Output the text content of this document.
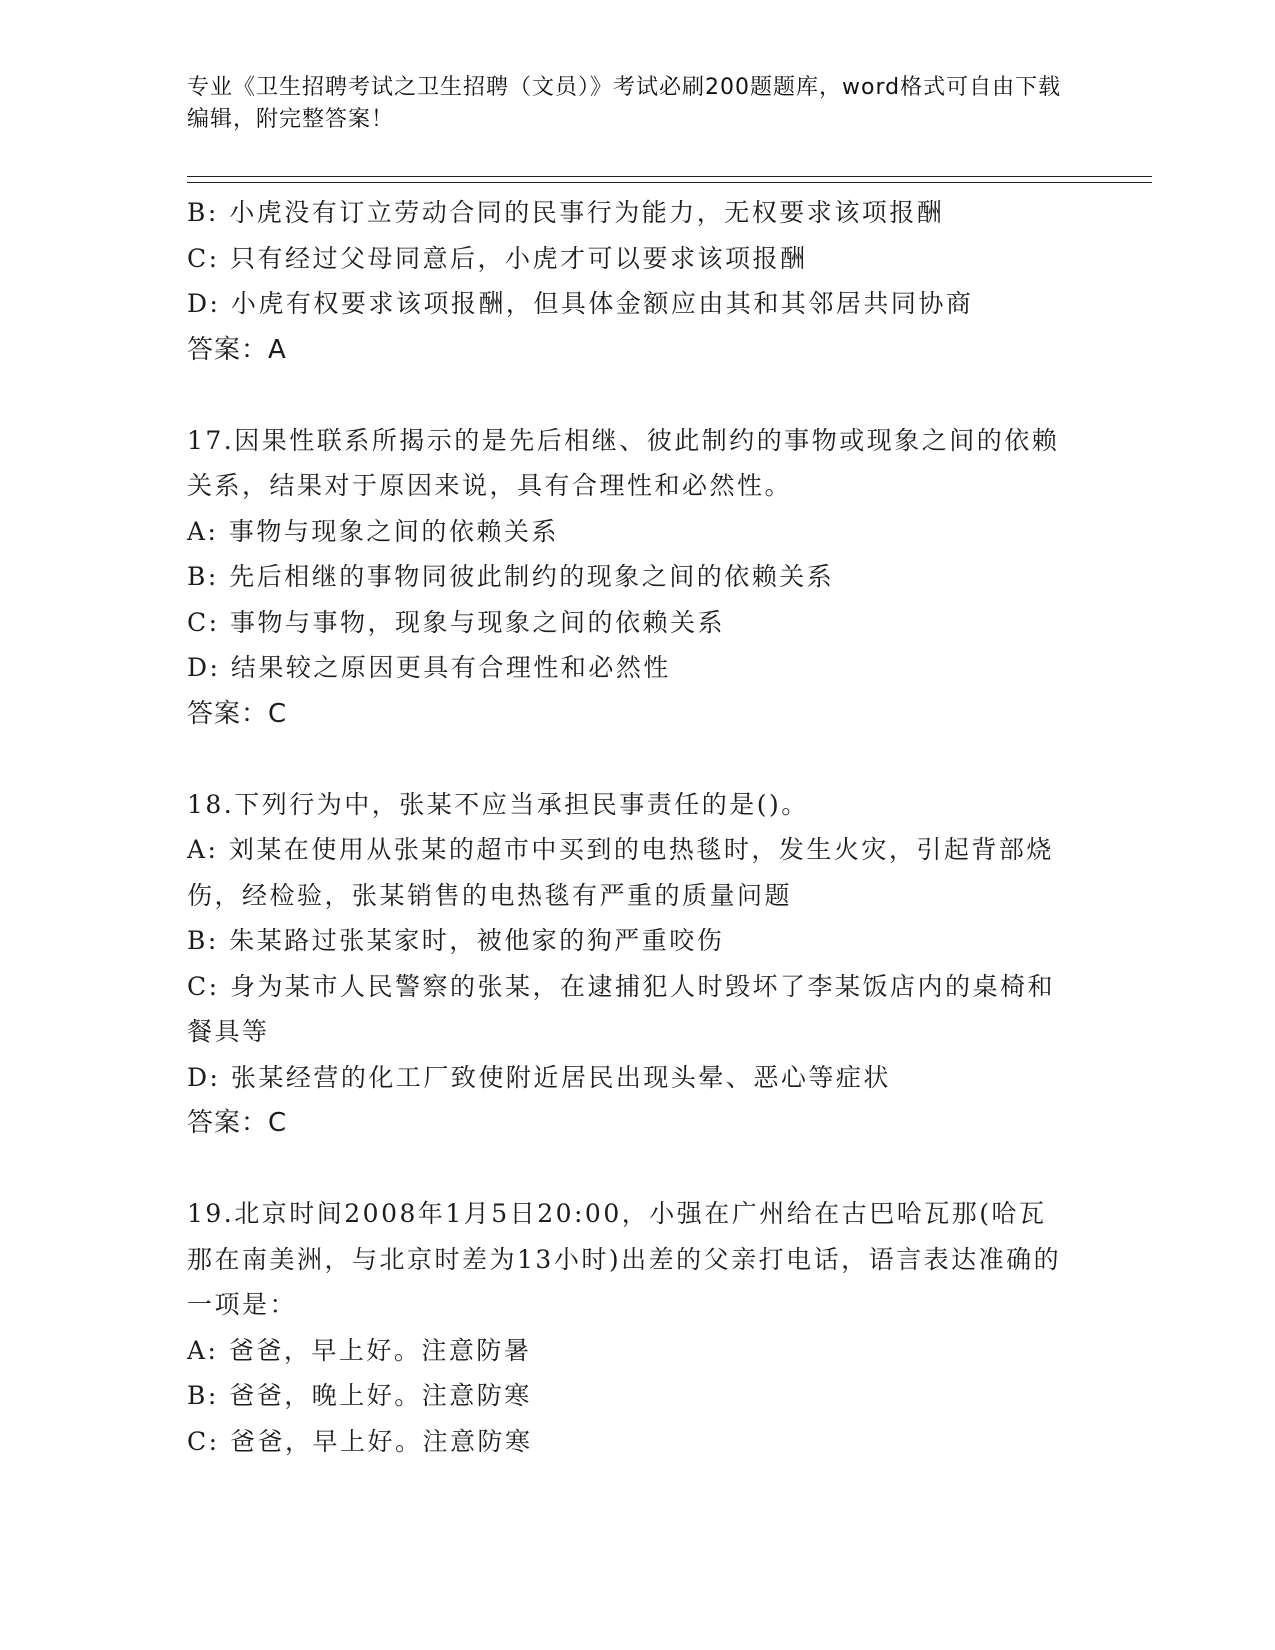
专业《卫生招聘考试之卫生招聘（文员）》考试必刷200题题库，word格式可自由下载编辑，附完整答案！
B: 小虎没有订立劳动合同的民事行为能力，无权要求该项报酬
C: 只有经过父母同意后，小虎才可以要求该项报酬
D: 小虎有权要求该项报酬，但具体金额应由其和其邻居共同协商
答案：A
17.因果性联系所揭示的是先后相继、彼此制约的事物或现象之间的依赖关系，结果对于原因来说，具有合理性和必然性。
A: 事物与现象之间的依赖关系
B: 先后相继的事物同彼此制约的现象之间的依赖关系
C: 事物与事物，现象与现象之间的依赖关系
D: 结果较之原因更具有合理性和必然性
答案：C
18.下列行为中，张某不应当承担民事责任的是()。
A: 刘某在使用从张某的超市中买到的电热毯时，发生火灾，引起背部烧伤，经检验，张某销售的电热毯有严重的质量问题
B: 朱某路过张某家时，被他家的狗严重咬伤
C: 身为某市人民警察的张某，在逮捕犯人时毁坏了李某饭店内的桌椅和餐具等
D: 张某经营的化工厂致使附近居民出现头晕、恶心等症状
答案：C
19.北京时间2008年1月5日20:00，小强在广州给在古巴哈瓦那(哈瓦那在南美洲，与北京时差为13小时)出差的父亲打电话，语言表达准确的一项是：
A: 爸爸，早上好。注意防暑
B: 爸爸，晚上好。注意防寒
C: 爸爸，早上好。注意防寒
